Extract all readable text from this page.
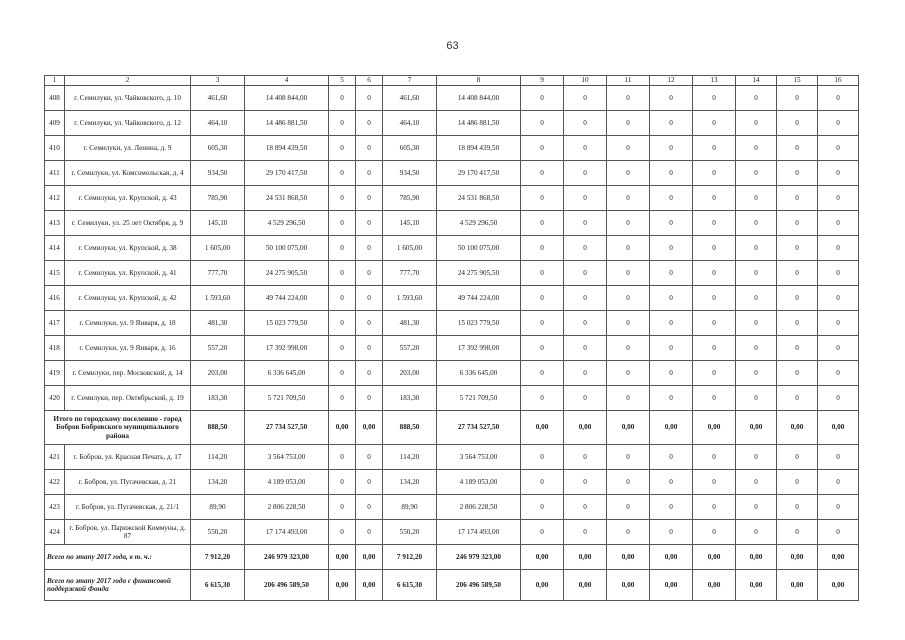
63
1	2	3	4	5	6	7	8	9	10	11	12	13	14	15	16
408	г. Семилуки, ул. Чайковского, д. 10	461,60	14 408 844,00	0	0	461,60	14 408 844,00	0	0	0	0	0	0	0	0
409	г. Семилуки, ул. Чайковского, д. 12	464,10	14 486 881,50	0	0	464,10	14 486 881,50	0	0	0	0	0	0	0	0
410	г. Семилуки, ул. Ленина, д. 9	605,30	18 894 439,50	0	0	605,30	18 894 439,50	0	0	0	0	0	0	0	0
411	г. Семилуки, ул. Комсомольская, д. 4	934,50	29 170 417,50	0	0	934,50	29 170 417,50	0	0	0	0	0	0	0	0
412	г. Семилуки, ул. Крупской, д. 43	785,90	24 531 868,50	0	0	785,90	24 531 868,50	0	0	0	0	0	0	0	0
413	г. Семилуки, ул. 25 лет Октября, д. 9	145,10	4 529 296,50	0	0	145,10	4 529 296,50	0	0	0	0	0	0	0	0
414	г. Семилуки, ул. Крупской, д. 38	1 605,00	50 100 075,00	0	0	1 605,00	50 100 075,00	0	0	0	0	0	0	0	0
415	г. Семилуки, ул. Крупской, д. 41	777,70	24 275 905,50	0	0	777,70	24 275 905,50	0	0	0	0	0	0	0	0
416	г. Семилуки, ул. Крупской, д. 42	1 593,60	49 744 224,00	0	0	1 593,60	49 744 224,00	0	0	0	0	0	0	0	0
417	г. Семилуки, ул. 9 Января, д. 18	481,30	15 023 779,50	0	0	481,30	15 023 779,50	0	0	0	0	0	0	0	0
418	г. Семилуки, ул. 9 Января, д. 16	557,20	17 392 998,00	0	0	557,20	17 392 998,00	0	0	0	0	0	0	0	0
419	г. Семилуки, пер. Московский, д. 14	203,00	6 336 645,00	0	0	203,00	6 336 645,00	0	0	0	0	0	0	0	0
420	г. Семилуки, пер. Октябрьский, д. 19	183,30	5 721 709,50	0	0	183,30	5 721 709,50	0	0	0	0	0	0	0	0
Итого по городскому поселению - город Бобров Бобровского муниципального района		888,50	27 734 527,50	0,00	0,00	888,50	27 734 527,50	0,00	0,00	0,00	0,00	0,00	0,00	0,00	0,00
421	г. Бобров, ул. Красная Печать, д. 17	114,20	3 564 753,00	0	0	114,20	3 564 753,00	0	0	0	0	0	0	0	0
422	г. Бобров, ул. Пугачевская, д. 21	134,20	4 189 053,00	0	0	134,20	4 189 053,00	0	0	0	0	0	0	0	0
423	г. Бобров, ул. Пугачевская, д. 21/1	89,90	2 806 228,50	0	0	89,90	2 806 228,50	0	0	0	0	0	0	0	0
424	г. Бобров, ул. Парижской Коммуны, д. 87	550,20	17 174 493,00	0	0	550,20	17 174 493,00	0	0	0	0	0	0	0	0
Всего по этапу 2017 года, в т. ч.:		7 912,20	246 979 323,00	0,00	0,00	7 912,20	246 979 323,00	0,00	0,00	0,00	0,00	0,00	0,00	0,00	0,00
Всего по этапу 2017 года с финансовой поддержкой Фонда		6 615,30	206 496 589,50	0,00	0,00	6 615,30	206 496 589,50	0,00	0,00	0,00	0,00	0,00	0,00	0,00	0,00
